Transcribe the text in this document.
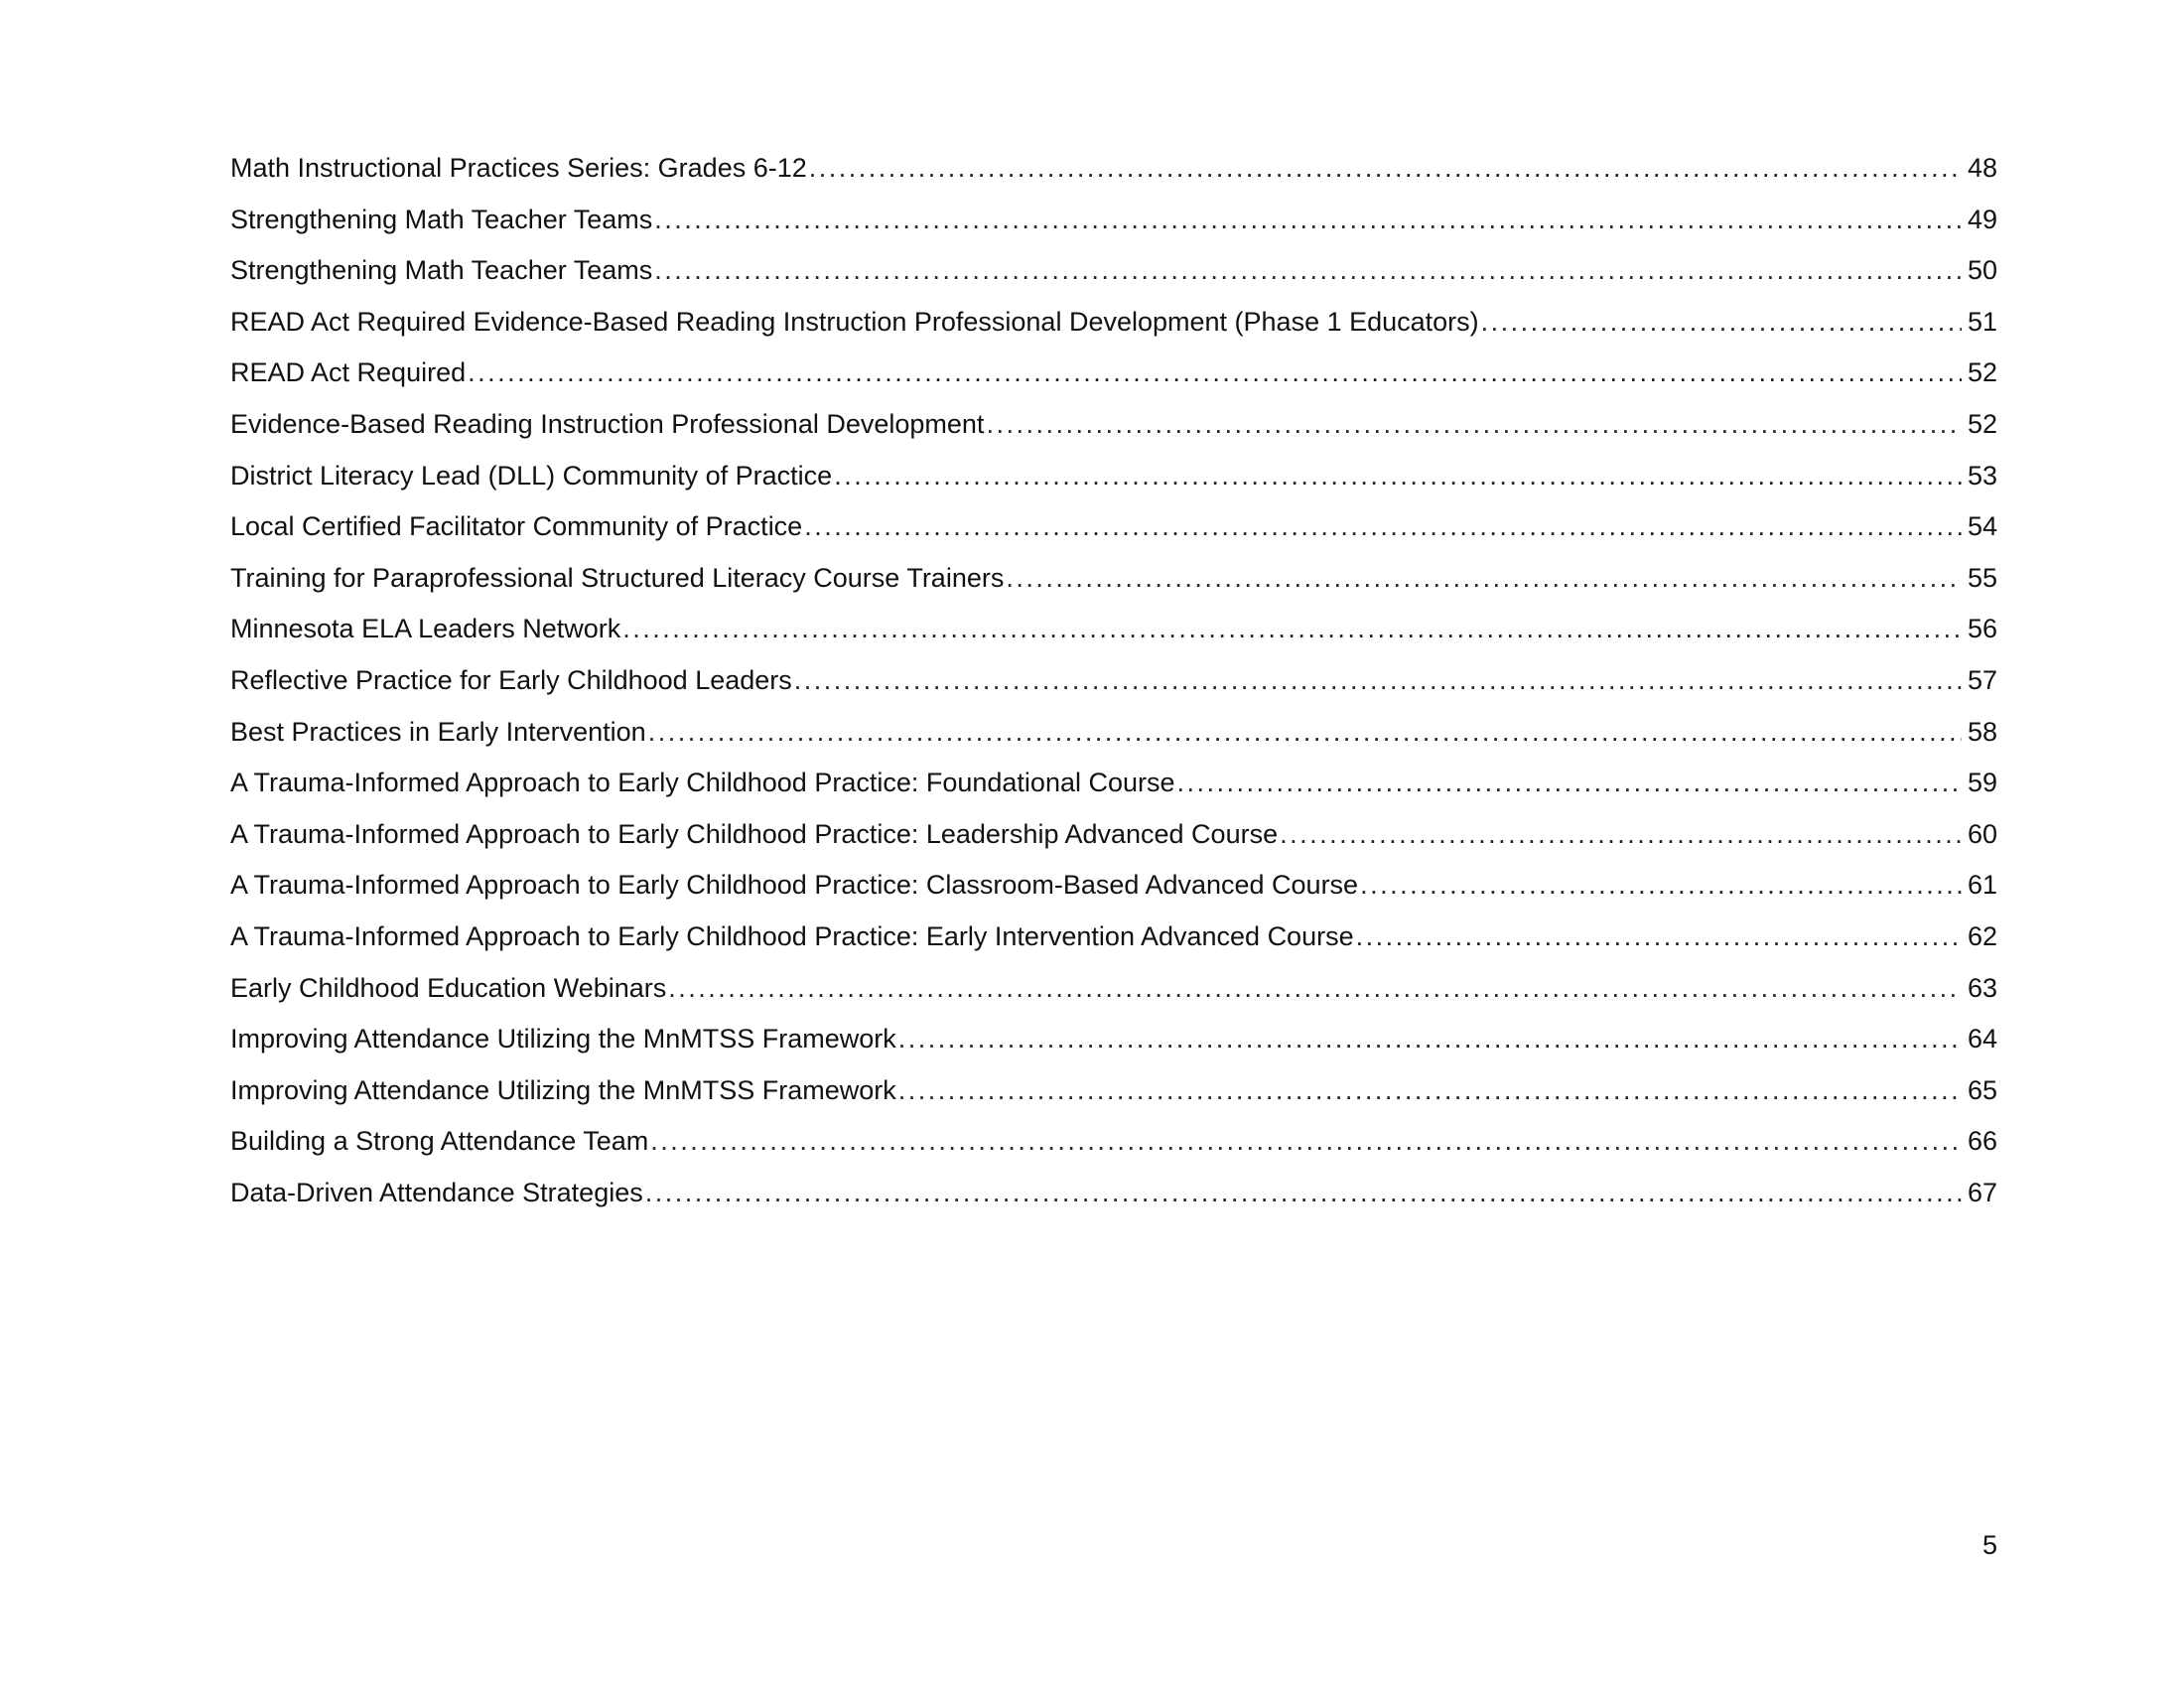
Math Instructional Practices Series: Grades 6-12 . . .	48
Strengthening Math Teacher Teams . . .	49
Strengthening Math Teacher Teams . . .	50
READ Act Required Evidence-Based Reading Instruction Professional Development (Phase 1 Educators) . . .	51
READ Act Required . . .	52
Evidence-Based Reading Instruction Professional Development . . .	52
District Literacy Lead (DLL) Community of Practice . . .	53
Local Certified Facilitator Community of Practice . . .	54
Training for Paraprofessional Structured Literacy Course Trainers . . .	55
Minnesota ELA Leaders Network . . .	56
Reflective Practice for Early Childhood Leaders . . .	57
Best Practices in Early Intervention . . .	58
A Trauma-Informed Approach to Early Childhood Practice: Foundational Course . . .	59
A Trauma-Informed Approach to Early Childhood Practice: Leadership Advanced Course . . .	60
A Trauma-Informed Approach to Early Childhood Practice: Classroom-Based Advanced Course . . .	61
A Trauma-Informed Approach to Early Childhood Practice: Early Intervention Advanced Course . . .	62
Early Childhood Education Webinars . . .	63
Improving Attendance Utilizing the MnMTSS Framework . . .	64
Improving Attendance Utilizing the MnMTSS Framework . . .	65
Building a Strong Attendance Team . . .	66
Data-Driven Attendance Strategies . . .	67
5
